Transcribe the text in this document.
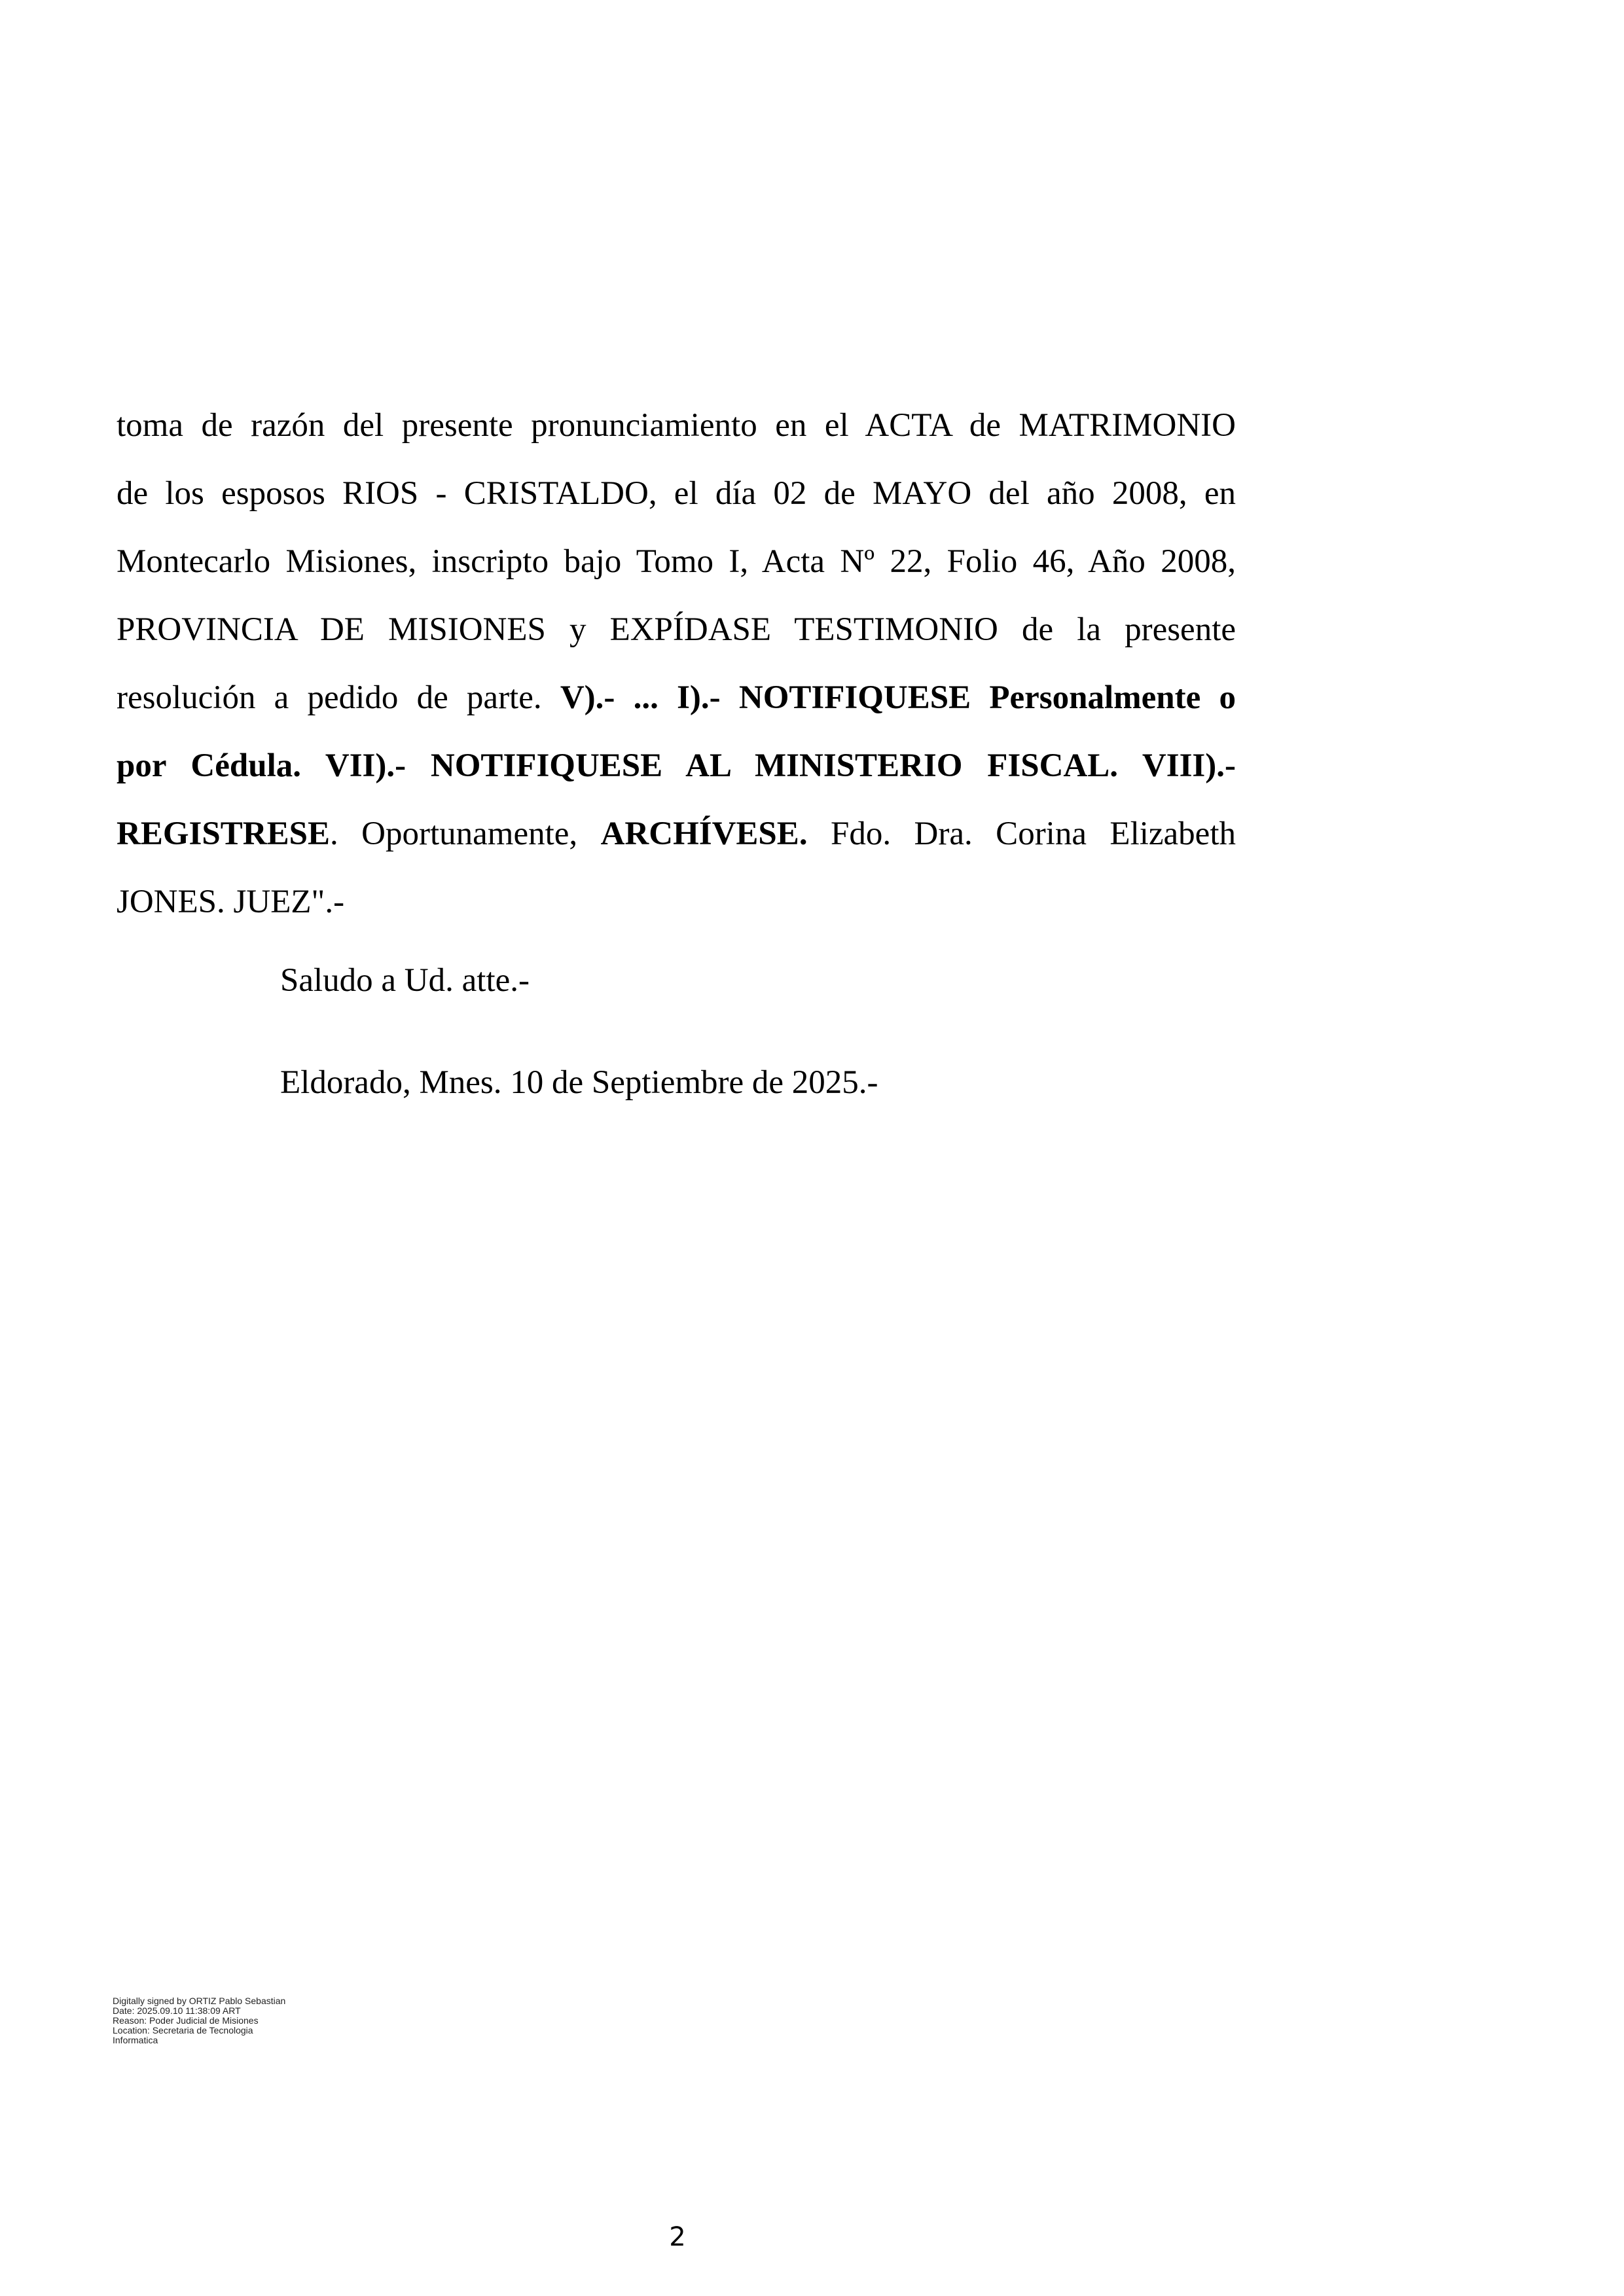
toma de razón del presente pronunciamiento en el ACTA de MATRIMONIO
de los esposos RIOS - CRISTALDO, el día 02 de MAYO del año 2008, en
Montecarlo Misiones, inscripto bajo Tomo I, Acta Nº 22, Folio 46, Año 2008,
PROVINCIA DE MISIONES y EXPÍDASE TESTIMONIO de la presente
resolución a pedido de parte. V).- ... I).- NOTIFIQUESE Personalmente o
por Cédula. VII).- NOTIFIQUESE AL MINISTERIO FISCAL. VIII).-
REGISTRESE. Oportunamente, ARCHÍVESE. Fdo. Dra. Corina Elizabeth
JONES. JUEZ".-
Saludo a Ud. atte.-
Eldorado, Mnes. 10 de Septiembre de 2025.-
Digitally signed by ORTIZ Pablo Sebastian
Date: 2025.09.10 11:38:09 ART
Reason: Poder Judicial de Misiones
Location: Secretaria de Tecnologia
Informatica
2
